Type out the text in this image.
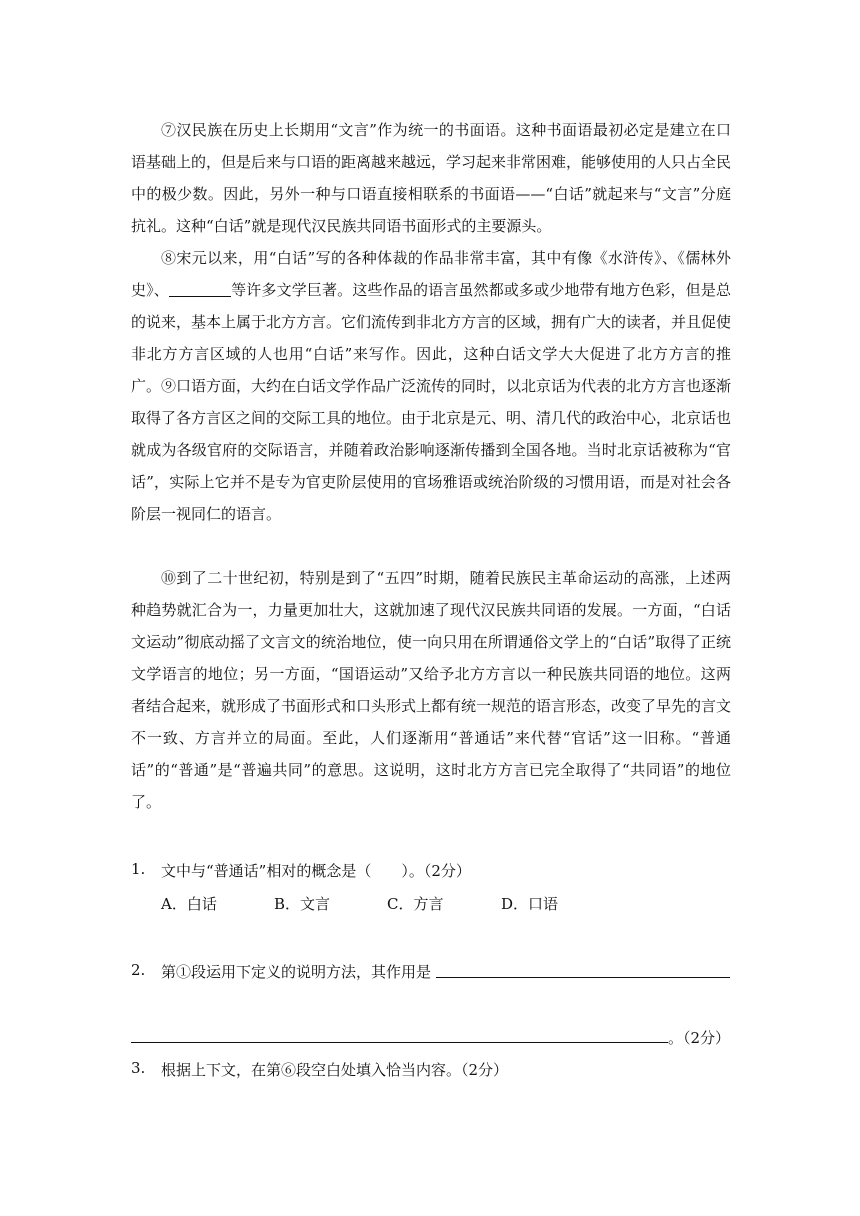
⑦汉民族在历史上长期用“文言”作为统一的书面语。这种书面语最初必定是建立在口语基础上的，但是后来与口语的距离越来越远，学习起来非常困难，能够使用的人只占全民中的极少数。因此，另外一种与口语直接相联系的书面语——“白话”就起来与“文言”分庭抗礼。这种“白话”就是现代汉民族共同语书面形式的主要源头。

⑧宋元以来，用“白话”写的各种体裁的作品非常丰富，其中有像《水浒传》、《儒林外史》、	等许多文学巨著。这些作品的语言虽然都或多或少地带有地方色彩，但是总的说来，基本上属于北方方言。它们流传到非北方方言的区域，拥有广大的读者，并且促使非北方方言区域的人也用“白话”来写作。因此，这种白话文学大大促进了北方方言的推广。 ⑨口语方面，大约在白话文学作品广泛流传的同时，以北京话为代表的北方方言也逐渐取得了各方言区之间的交际工具的地位。由于北京是元、明、清几代的政治中心，北京话也就成为各级官府的交际语言，并随着政治影响逐渐传播到全国各地。当时北京话被称为“官话”，实际上它并不是专为官吏阶层使用的官场雅语或统治阶级的习惯用语，而是对社会各阶层一视同仁的语言。

⑩到了二十世纪初，特别是到了“五四”时期，随着民族民主革命运动的高涨，上述两种趋势就汇合为一，力量更加壮大，这就加速了现代汉民族共同语的发展。一方面，“白话文运动”彻底动摇了文言文的统治地位，使一向只用在所谓通俗文学上的“白话”取得了正统文学语言的地位；另一方面，“国语运动”又给予北方方言以一种民族共同语的地位。这两者结合起来，就形成了书面形式和口头形式上都有统一规范的语言形态，改变了早先的言文不一致、方言并立的局面。至此，人们逐渐用“普通话”来代替“官话”这一旧称。“普通话”的“普通”是“普遍共同”的意思。这说明，这时北方方言已完全取得了“共同语”的地位了。

1. 文中与“普通话”相对的概念是（　　）。（2分）
A．白话	B．文言	C．方言	D．口语
2. 第①段运用下定义的说明方法，其作用是
。（2分）
3. 根据上下文，在第⑥段空白处填入恰当内容。（2分）
